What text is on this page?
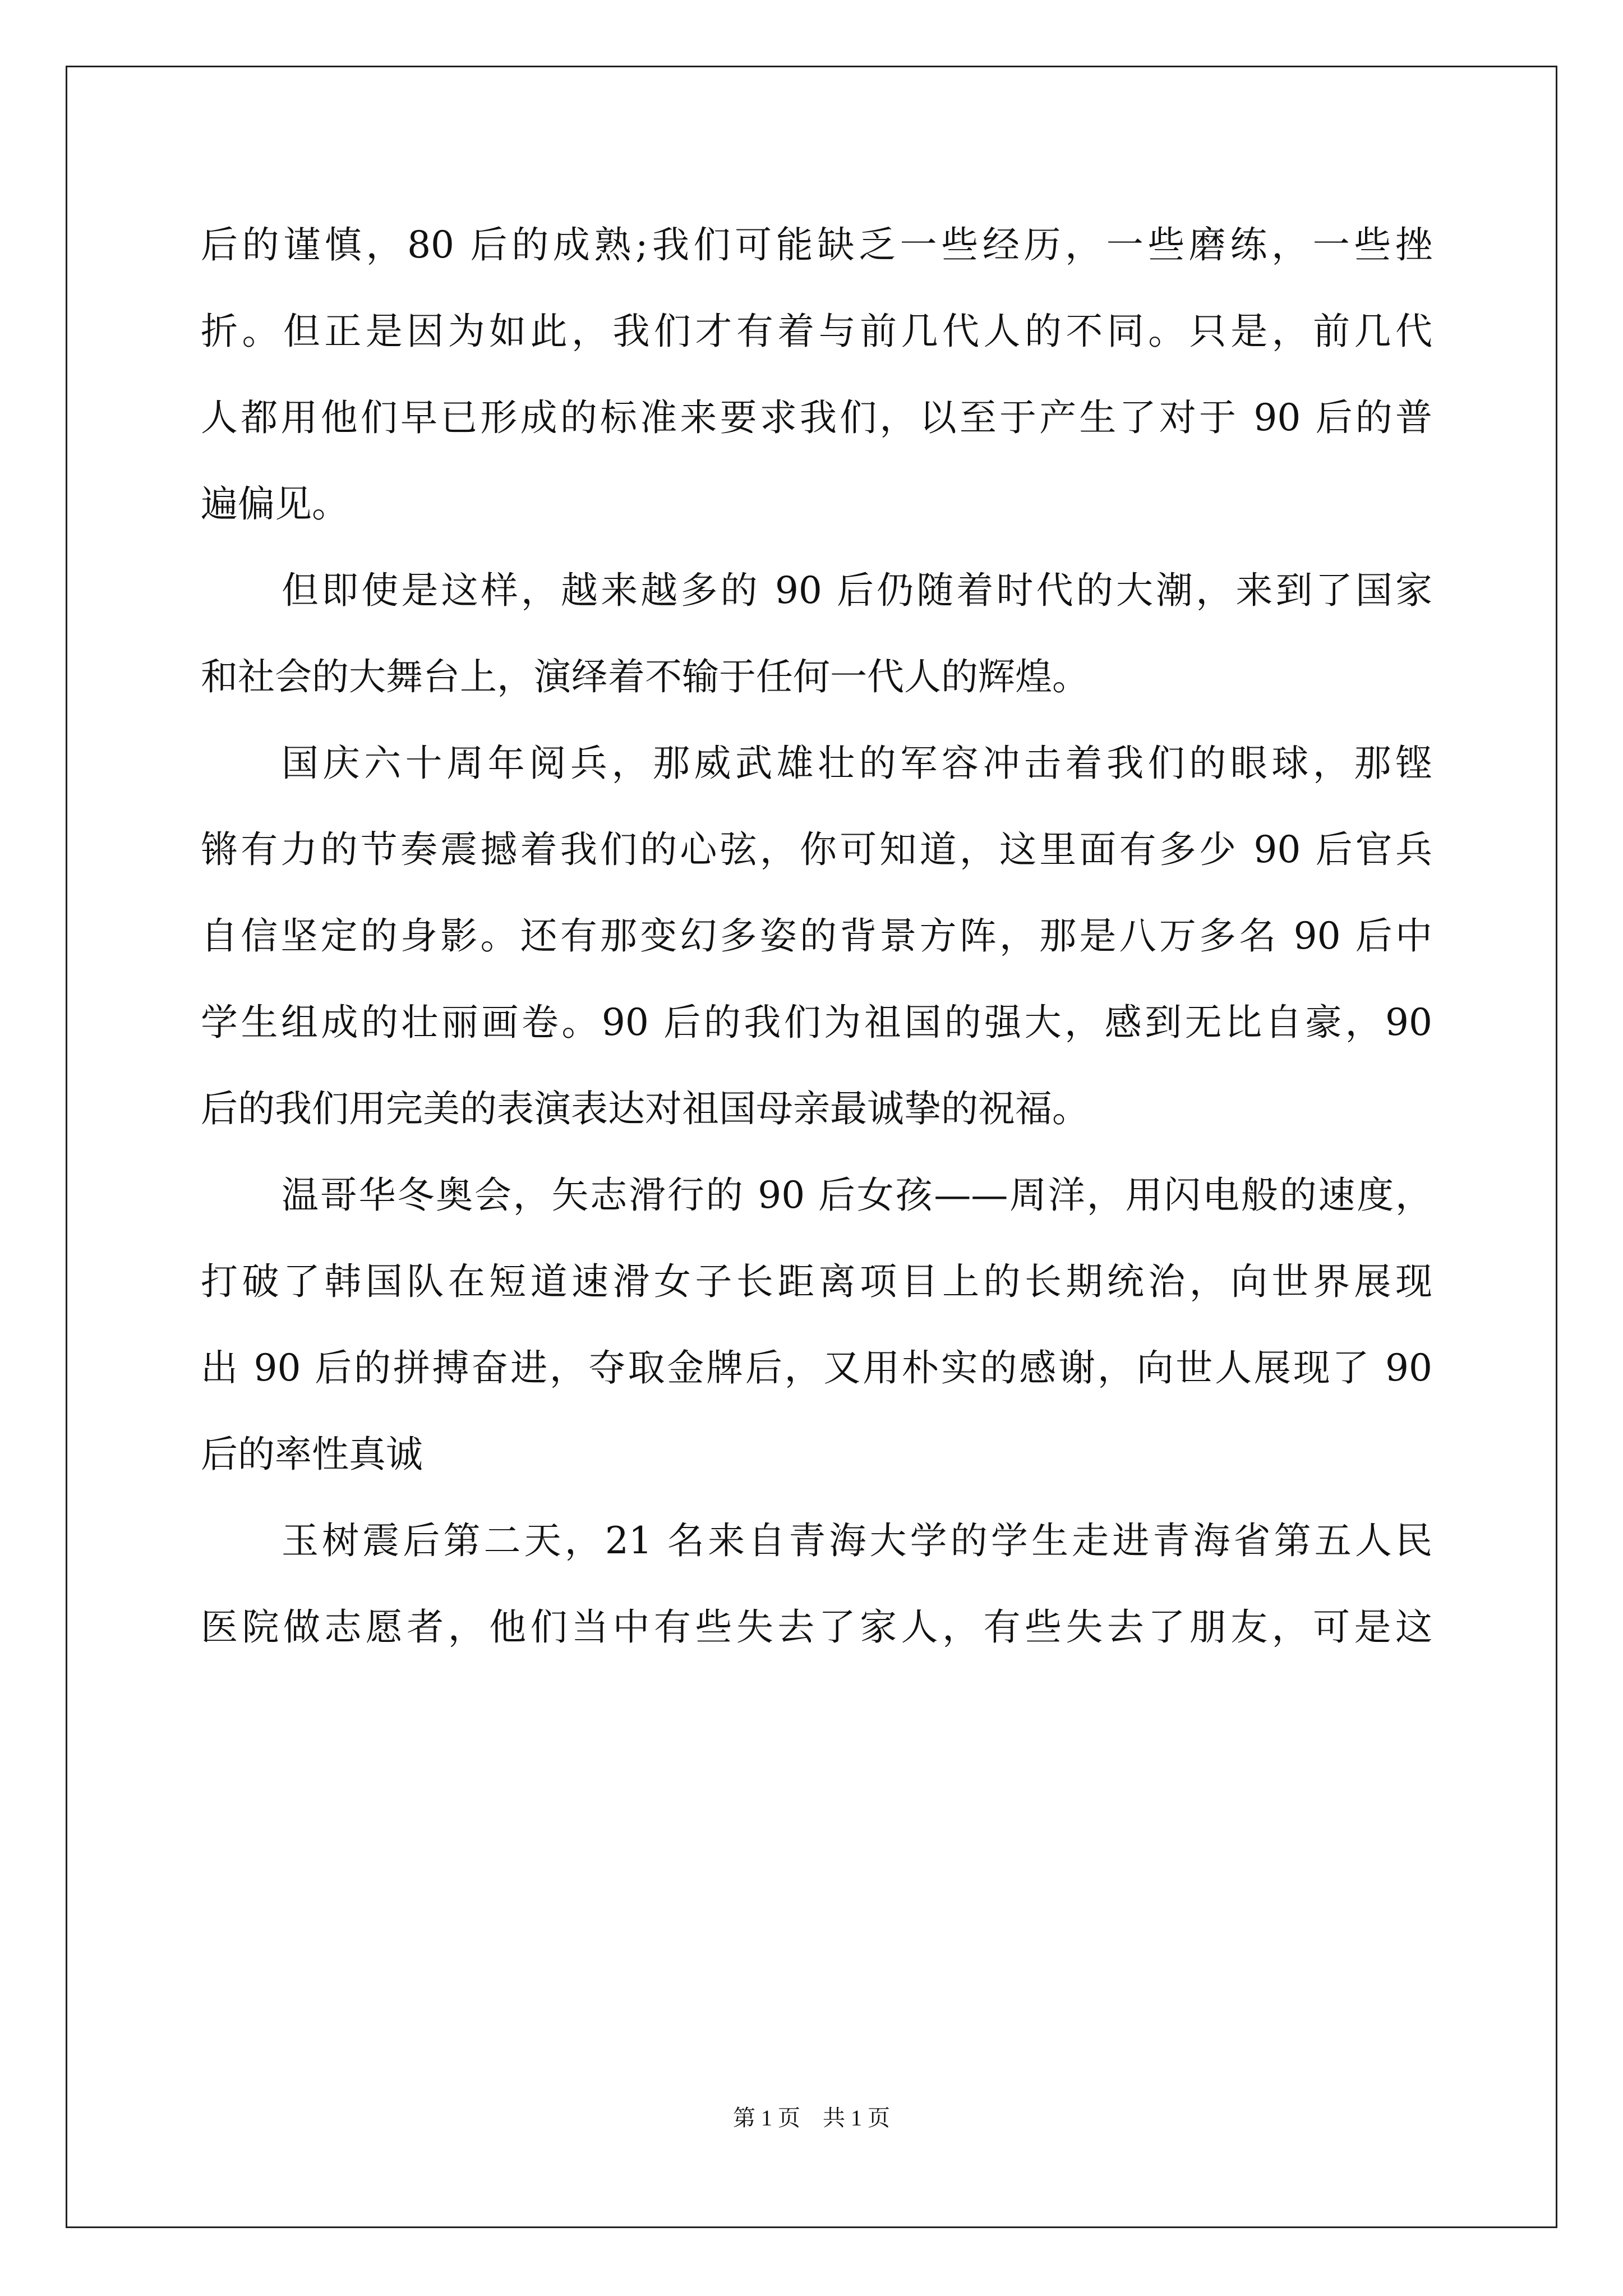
后的谨慎，80 后的成熟;我们可能缺乏一些经历，一些磨练，一些挫
折。但正是因为如此，我们才有着与前几代人的不同。只是，前几代
人都用他们早已形成的标准来要求我们，以至于产生了对于 90 后的普
遍偏见。
但即使是这样，越来越多的 90 后仍随着时代的大潮，来到了国家
和社会的大舞台上，演绎着不输于任何一代人的辉煌。
国庆六十周年阅兵，那威武雄壮的军容冲击着我们的眼球，那铿
锵有力的节奏震撼着我们的心弦，你可知道，这里面有多少 90 后官兵
自信坚定的身影。还有那变幻多姿的背景方阵，那是八万多名 90 后中
学生组成的壮丽画卷。90 后的我们为祖国的强大，感到无比自豪，90
后的我们用完美的表演表达对祖国母亲最诚挚的祝福。
温哥华冬奥会，矢志滑行的 90 后女孩——周洋，用闪电般的速度，
打破了韩国队在短道速滑女子长距离项目上的长期统治，向世界展现
出 90 后的拼搏奋进，夺取金牌后，又用朴实的感谢，向世人展现了 90
后的率性真诚
玉树震后第二天，21 名来自青海大学的学生走进青海省第五人民
医院做志愿者，他们当中有些失去了家人，有些失去了朋友，可是这
第 1 页　共 1 页
